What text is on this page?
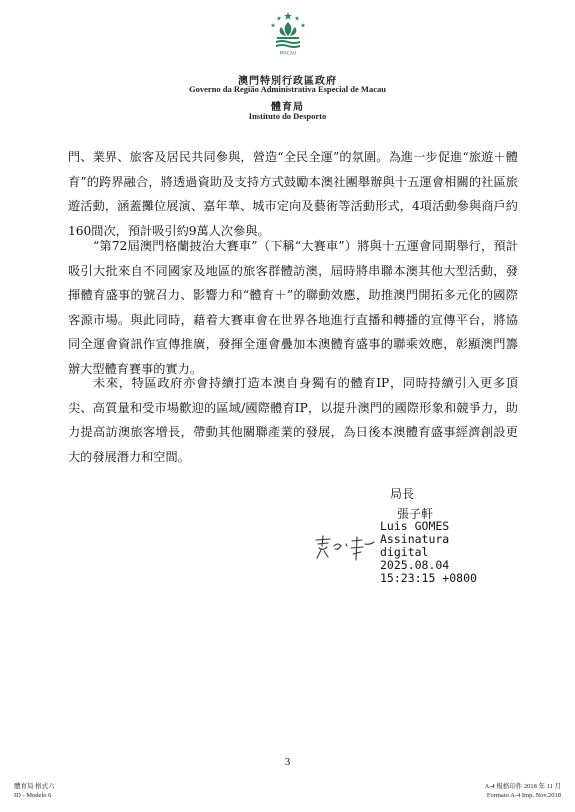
MACAU
澳門特別行政區政府
Governo da Região Administrativa Especial de Macau
體育局
Instituto do Desporto
門、業界、旅客及居民共同參與，營造“全民全運”的氛圍。為進一步促進“旅遊＋體育”的跨界融合，將透過資助及支持方式鼓勵本澳社團舉辦與十五運會相關的社區旅遊活動，涵蓋攤位展演、嘉年華、城市定向及藝術等活動形式，4項活動參與商戶約160間次，預計吸引約9萬人次參與。
“第72屆澳門格蘭披治大賽車”（下稱“大賽車”）將與十五運會同期舉行，預計吸引大批來自不同國家及地區的旅客群體訪澳，屆時將串聯本澳其他大型活動，發揮體育盛事的號召力、影響力和“體育＋”的聯動效應，助推澳門開拓多元化的國際客源市場。與此同時，藉着大賽車會在世界各地進行直播和轉播的宣傳平台，將協同全運會資訊作宣傳推廣，發揮全運會疊加本澳體育盛事的聯乘效應，彰顯澳門籌辦大型體育賽事的實力。
未來，特區政府亦會持續打造本澳自身獨有的體育IP，同時持續引入更多頂尖、高質量和受市場歡迎的區域/國際體育IP，以提升澳門的國際形象和競爭力，助力提高訪澳旅客增長，帶動其他關聯產業的發展，為日後本澳體育盛事經濟創設更大的發展潛力和空間。
局長
張子軒
Luis GOMES
Assinatura
digital
2025.08.04
15:23:15 +0800
3
體育局 格式六
ID - Modelo 6
A-4 規格印件 2018 年 11 月
Formato A-4 Imp. Nov.2018
